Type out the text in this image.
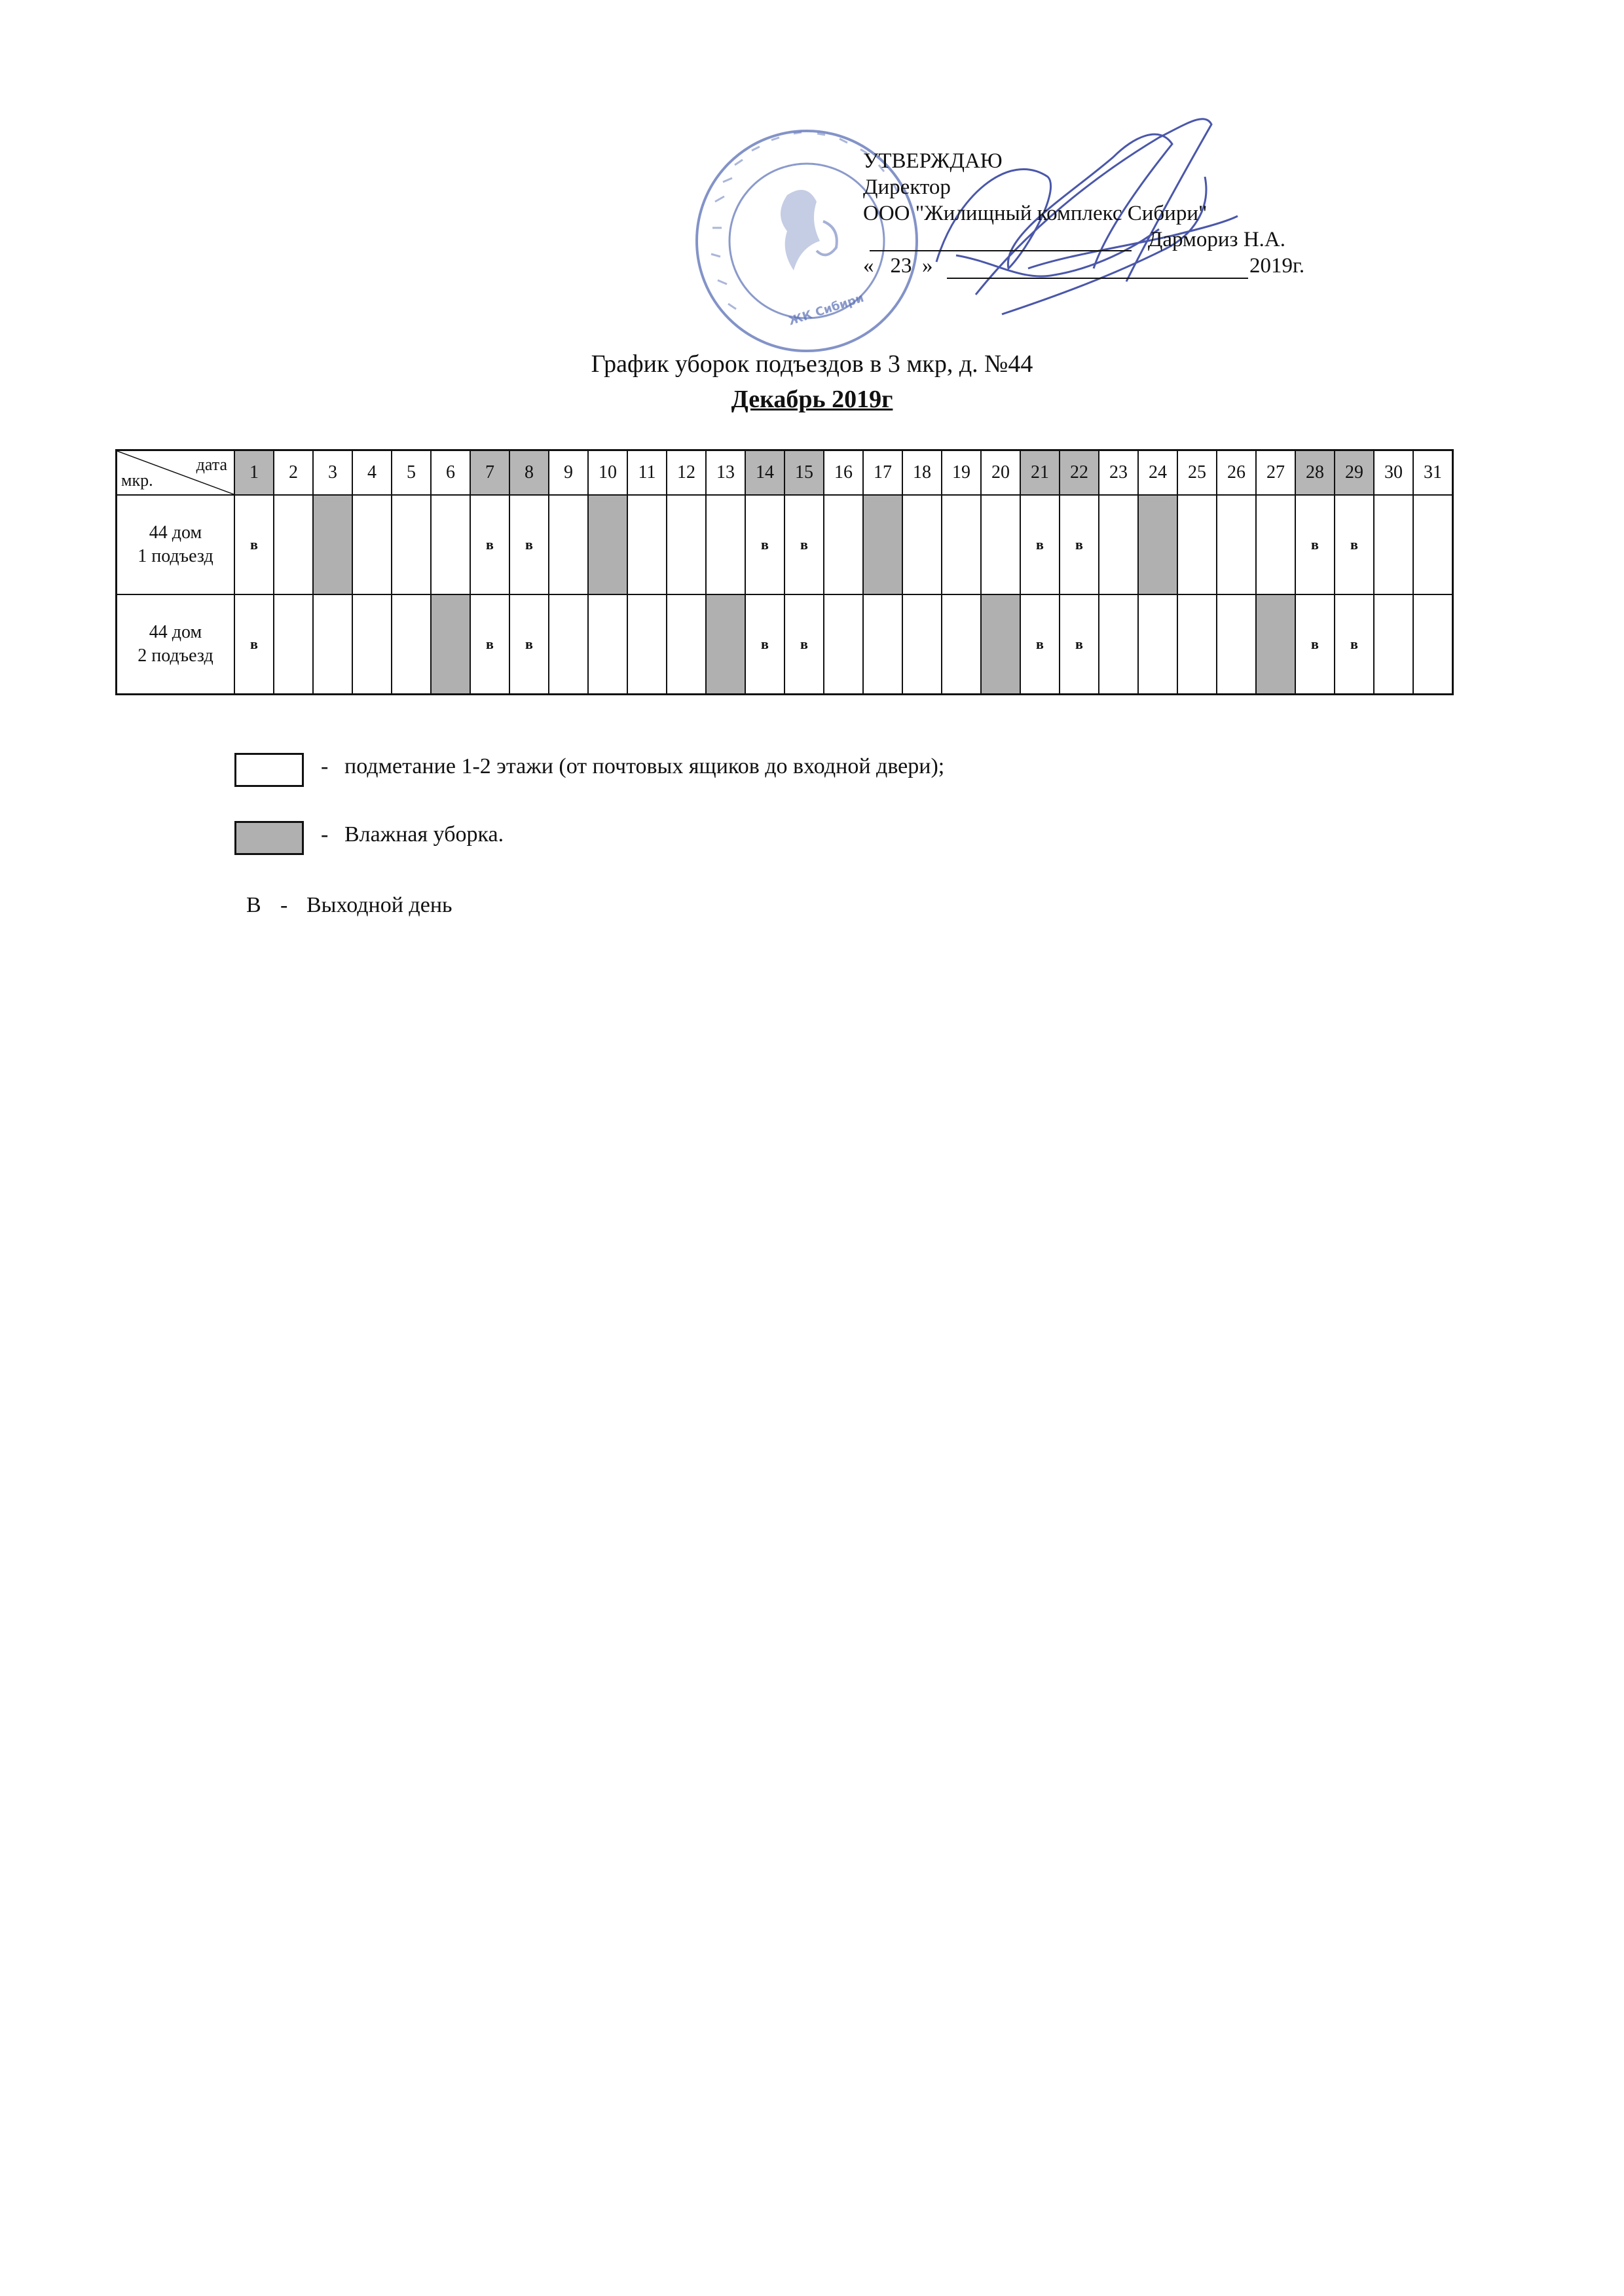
ЖК Сибири
УТВЕРЖДАЮ
Директор
ООО "Жилищный комплекс Сибири"
Дармориз Н.А.
« 23 »	2019г.
График уборок подъездов в 3 мкр, д. №44
Декабрь 2019г
дата
мкр.	1	2	3	4	5	6	7	8	9	10	11	12	13	14	15	16	17	18	19	20	21	22	23	24	25	26	27	28	29	30	31

44 дом
1 подъезд	в						в	в						в	в						в	в						в	в		

44 дом
2 подъезд	в						в	в						в	в						в	в						в	в		
- подметание 1-2 этажи (от почтовых ящиков до входной двери);
- Влажная уборка.
В - Выходной день
